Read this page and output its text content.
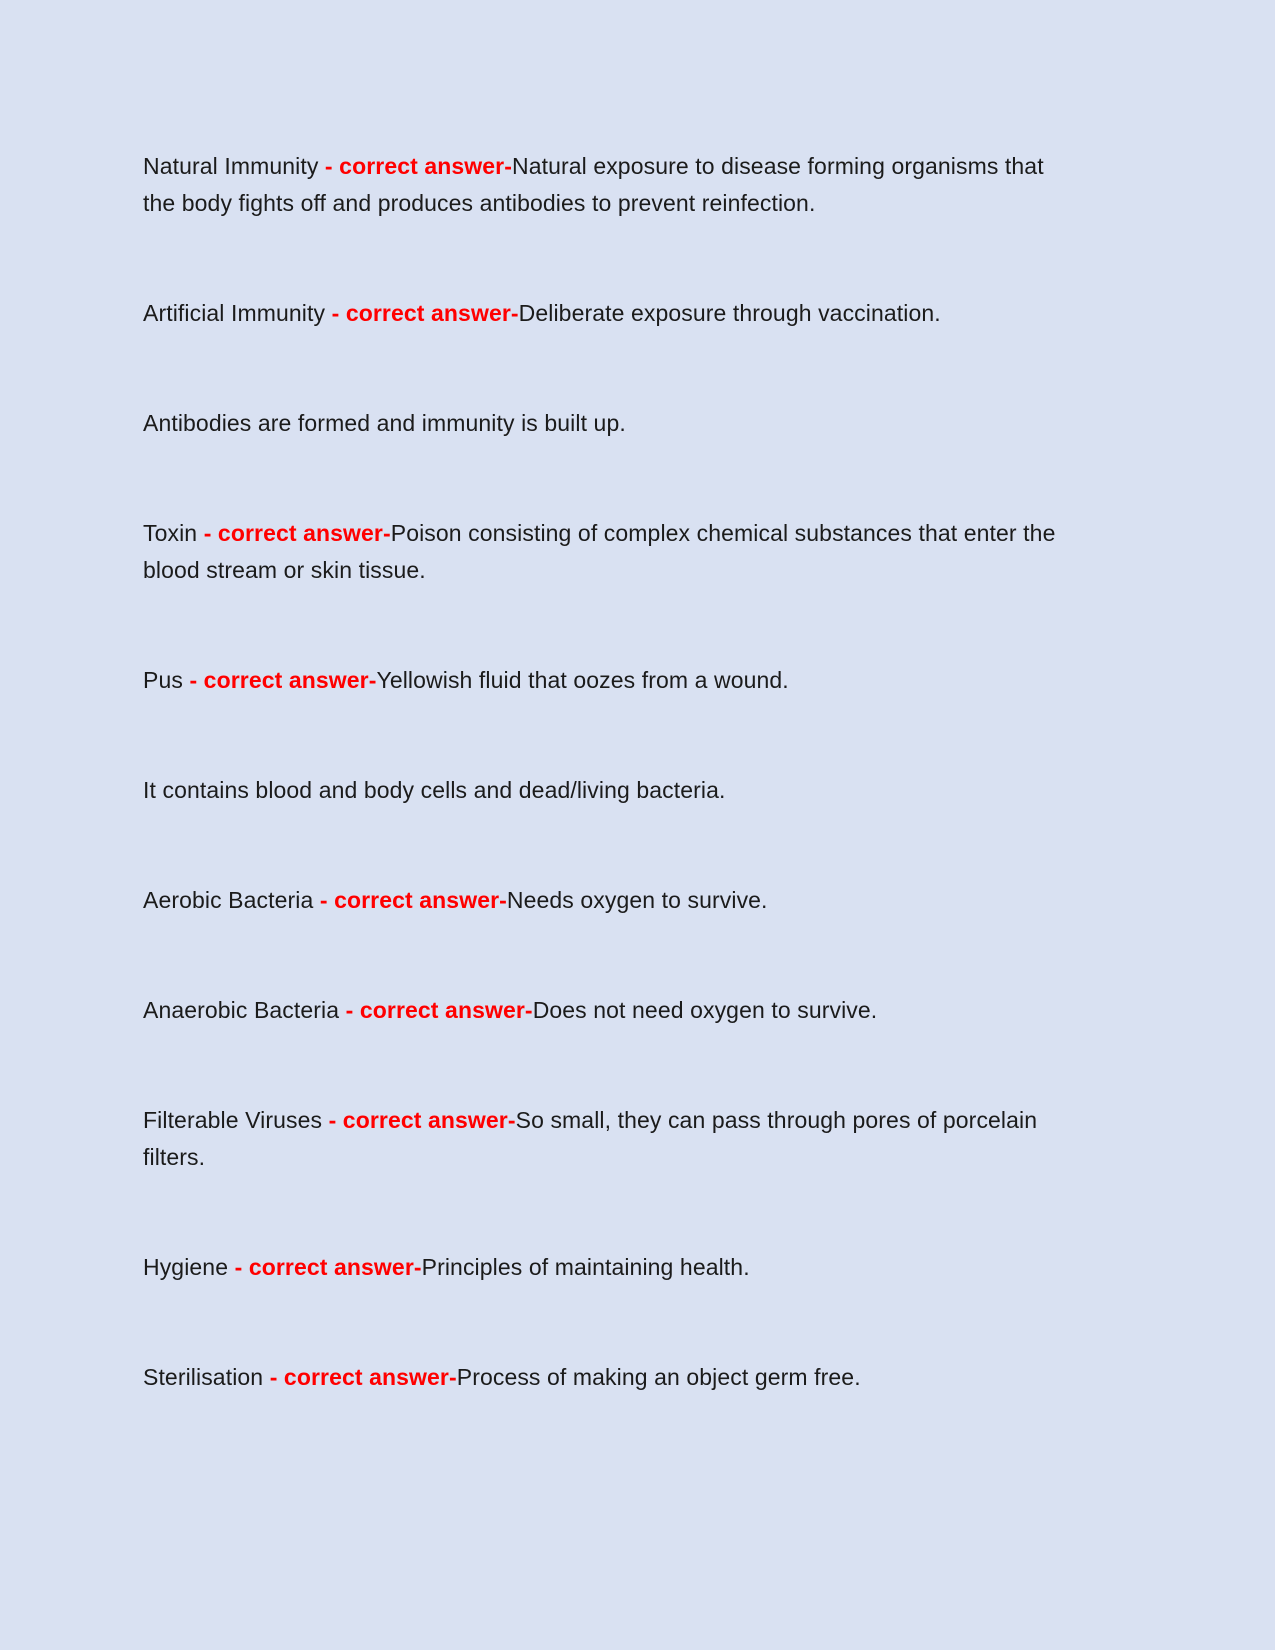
Natural Immunity - correct answer-Natural exposure to disease forming organisms that the body fights off and produces antibodies to prevent reinfection.

Artificial Immunity - correct answer-Deliberate exposure through vaccination.

Antibodies are formed and immunity is built up.

Toxin - correct answer-Poison consisting of complex chemical substances that enter the blood stream or skin tissue.

Pus - correct answer-Yellowish fluid that oozes from a wound.

It contains blood and body cells and dead/living bacteria.

Aerobic Bacteria - correct answer-Needs oxygen to survive.

Anaerobic Bacteria - correct answer-Does not need oxygen to survive.

Filterable Viruses - correct answer-So small, they can pass through pores of porcelain filters.

Hygiene - correct answer-Principles of maintaining health.

Sterilisation - correct answer-Process of making an object germ free.
